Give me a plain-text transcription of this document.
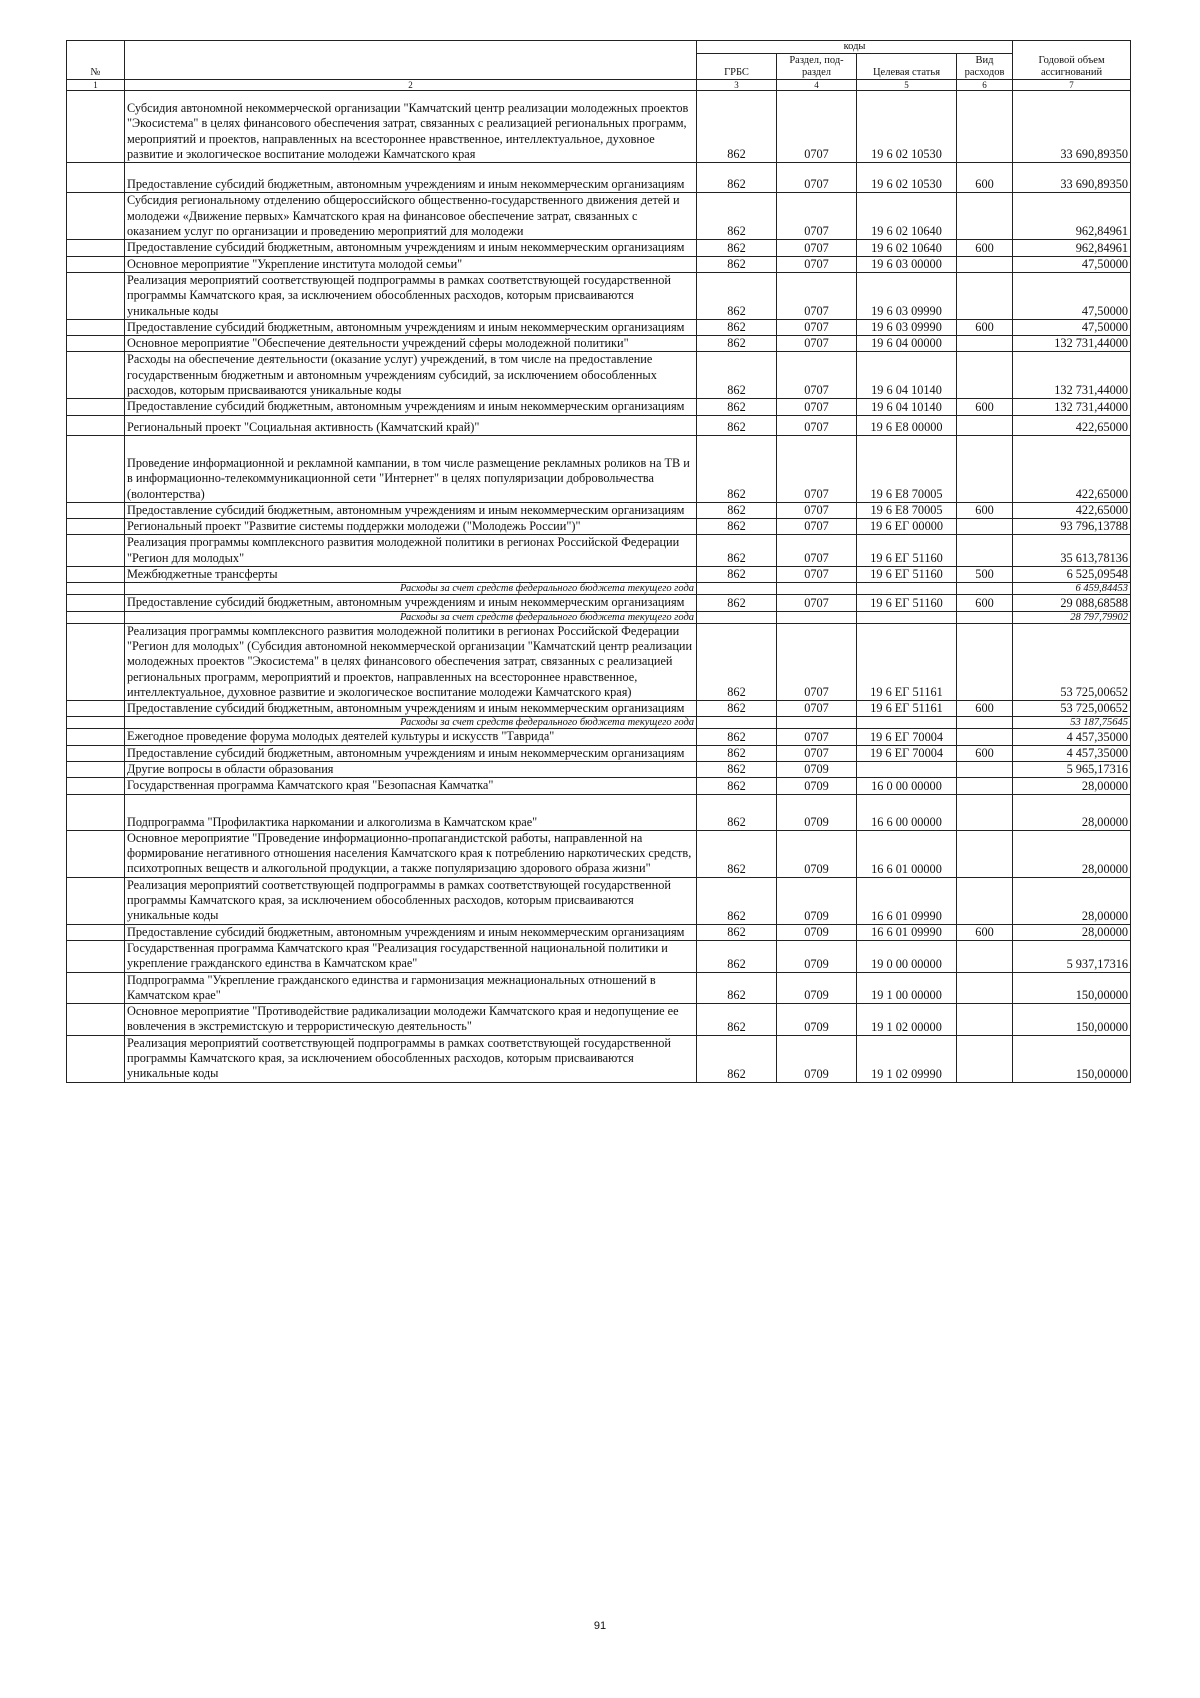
№		коды				Годовой объем ассигнований
		ГРБС	Раздел, под-раздел	Целевая статья	Вид расходов	
1	2	3	4	5	6	7
	Субсидия автономной некоммерческой организации "Камчатский центр реализации молодежных проектов "Экосистема" в целях финансового обеспечения затрат, связанных с реализацией региональных программ, мероприятий и проектов, направленных на всестороннее нравственное, интеллектуальное, духовное развитие и экологическое воспитание молодежи Камчатского края	862	0707	19 6 02 10530		33 690,89350
	Предоставление субсидий бюджетным, автономным учреждениям и иным некоммерческим организациям	862	0707	19 6 02 10530	600	33 690,89350
	Субсидия региональному отделению общероссийского общественно-государственного движения детей и молодежи «Движение первых» Камчатского края на финансовое обеспечение затрат, связанных с оказанием услуг по организации и проведению мероприятий для молодежи	862	0707	19 6 02 10640		962,84961
	Предоставление субсидий бюджетным, автономным учреждениям и иным некоммерческим организациям	862	0707	19 6 02 10640	600	962,84961
	Основное мероприятие "Укрепление института молодой семьи"	862	0707	19 6 03 00000		47,50000
	Реализация мероприятий соответствующей подпрограммы в рамках соответствующей государственной программы Камчатского края, за исключением обособленных расходов, которым присваиваются уникальные коды	862	0707	19 6 03 09990		47,50000
	Предоставление субсидий бюджетным, автономным учреждениям и иным некоммерческим организациям	862	0707	19 6 03 09990	600	47,50000
	Основное мероприятие "Обеспечение деятельности учреждений сферы молодежной политики"	862	0707	19 6 04 00000		132 731,44000
	Расходы на обеспечение деятельности (оказание услуг) учреждений, в том числе на предоставление государственным бюджетным и автономным учреждениям субсидий, за исключением обособленных расходов, которым присваиваются уникальные коды	862	0707	19 6 04 10140		132 731,44000
	Предоставление субсидий бюджетным, автономным учреждениям и иным некоммерческим организациям	862	0707	19 6 04 10140	600	132 731,44000
	Региональный проект "Социальная активность (Камчатский край)"	862	0707	19 6 Е8 00000		422,65000
	Проведение информационной и рекламной кампании, в том числе размещение рекламных роликов на ТВ и в информационно-телекоммуникационной сети "Интернет" в целях популяризации добровольчества (волонтерства)	862	0707	19 6 Е8 70005		422,65000
	Предоставление субсидий бюджетным, автономным учреждениям и иным некоммерческим организациям	862	0707	19 6 Е8 70005	600	422,65000
	Региональный проект "Развитие системы поддержки молодежи ("Молодежь России")"	862	0707	19 6 ЕГ 00000		93 796,13788
	Реализация программы комплексного развития молодежной политики в регионах Российской Федерации "Регион для молодых"	862	0707	19 6 ЕГ 51160		35 613,78136
	Межбюджетные трансферты	862	0707	19 6 ЕГ 51160	500	6 525,09548
	Расходы за счет средств федерального бюджета текущего года					6 459,84453
	Предоставление субсидий бюджетным, автономным учреждениям и иным некоммерческим организациям	862	0707	19 6 ЕГ 51160	600	29 088,68588
	Расходы за счет средств федерального бюджета текущего года					28 797,79902
	Реализация программы комплексного развития молодежной политики в регионах Российской Федерации "Регион для молодых" (Субсидия автономной некоммерческой организации "Камчатский центр реализации молодежных проектов "Экосистема" в целях финансового обеспечения затрат, связанных с реализацией региональных программ, мероприятий и проектов, направленных на всестороннее нравственное, интеллектуальное, духовное развитие и экологическое воспитание молодежи Камчатского края)	862	0707	19 6 ЕГ 51161		53 725,00652
	Предоставление субсидий бюджетным, автономным учреждениям и иным некоммерческим организациям	862	0707	19 6 ЕГ 51161	600	53 725,00652
	Расходы за счет средств федерального бюджета текущего года					53 187,75645
	Ежегодное проведение форума молодых деятелей культуры и искусств "Таврида"	862	0707	19 6 ЕГ 70004		4 457,35000
	Предоставление субсидий бюджетным, автономным учреждениям и иным некоммерческим организациям	862	0707	19 6 ЕГ 70004	600	4 457,35000
	Другие вопросы в области образования	862	0709			5 965,17316
	Государственная программа Камчатского края "Безопасная Камчатка"	862	0709	16 0 00 00000		28,00000
	Подпрограмма "Профилактика наркомании и алкоголизма в Камчатском крае"	862	0709	16 6 00 00000		28,00000
	Основное мероприятие "Проведение информационно-пропагандистской работы, направленной на формирование негативного отношения населения Камчатского края к потреблению наркотических средств, психотропных веществ и алкогольной продукции, а также популяризацию здорового образа жизни"	862	0709	16 6 01 00000		28,00000
	Реализация мероприятий соответствующей подпрограммы в рамках соответствующей государственной программы Камчатского края, за исключением обособленных расходов, которым присваиваются уникальные коды	862	0709	16 6 01 09990		28,00000
	Предоставление субсидий бюджетным, автономным учреждениям и иным некоммерческим организациям	862	0709	16 6 01 09990	600	28,00000
	Государственная программа Камчатского края "Реализация государственной национальной политики и укрепление гражданского единства в Камчатском крае"	862	0709	19 0 00 00000		5 937,17316
	Подпрограмма "Укрепление гражданского единства и гармонизация межнациональных отношений в Камчатском крае"	862	0709	19 1 00 00000		150,00000
	Основное мероприятие "Противодействие радикализации молодежи Камчатского края и недопущение ее вовлечения в экстремистскую и террористическую деятельность"	862	0709	19 1 02 00000		150,00000
	Реализация мероприятий соответствующей подпрограммы в рамках соответствующей государственной программы Камчатского края, за исключением обособленных расходов, которым присваиваются уникальные коды	862	0709	19 1 02 09990		150,00000
91
